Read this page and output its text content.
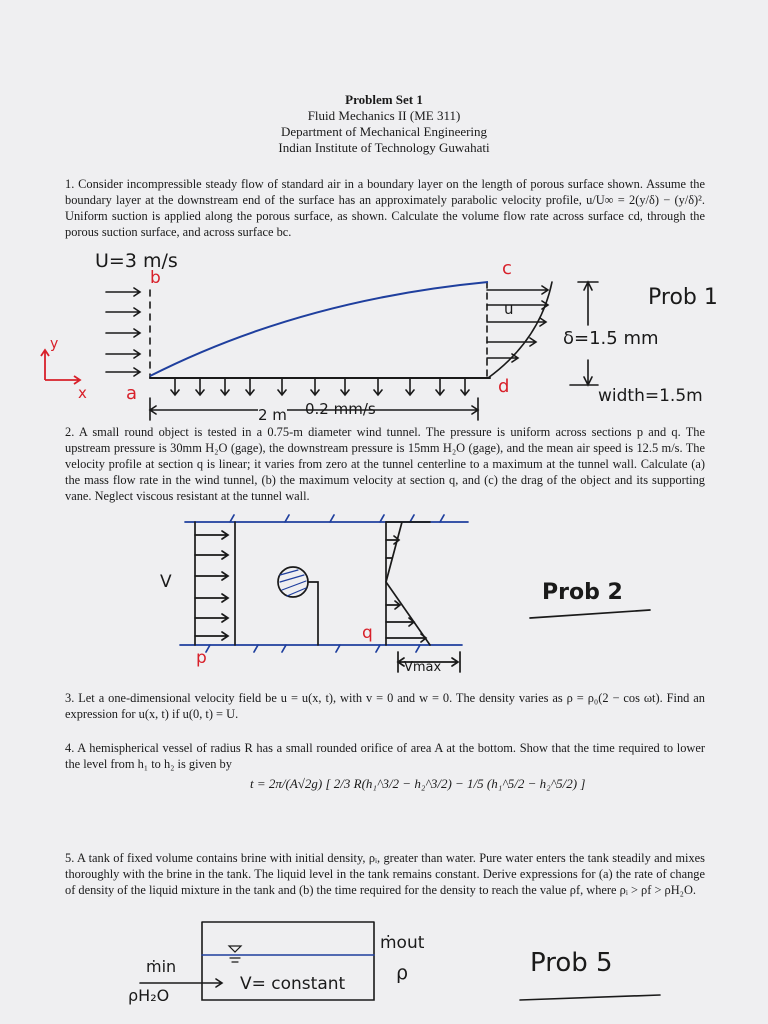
Problem Set 1
Fluid Mechanics II (ME 311)
Department of Mechanical Engineering
Indian Institute of Technology Guwahati
1. Consider incompressible steady flow of standard air in a boundary layer on the length of porous surface shown. Assume the boundary layer at the downstream end of the surface has an approximately parabolic velocity profile, u/U∞ = 2(y/δ) − (y/δ)². Uniform suction is applied along the porous surface, as shown. Calculate the volume flow rate across surface cd, through the porous suction surface, and across surface bc.
2. A small round object is tested in a 0.75-m diameter wind tunnel. The pressure is uniform across sections p and q. The upstream pressure is 30mm H₂O (gage), the downstream pressure is 15mm H₂O (gage), and the mean air speed is 12.5 m/s. The velocity profile at section q is linear; it varies from zero at the tunnel centerline to a maximum at the tunnel wall. Calculate (a) the mass flow rate in the wind tunnel, (b) the maximum velocity at section q, and (c) the drag of the object and its supporting vane. Neglect viscous resistant at the tunnel wall.
3. Let a one-dimensional velocity field be u = u(x, t), with v = 0 and w = 0. The density varies as ρ = ρ₀(2 − cos ωt). Find an expression for u(x, t) if u(0, t) = U.
4. A hemispherical vessel of radius R has a small rounded orifice of area A at the bottom. Show that the time required to lower the level from h₁ to h₂ is given by
t = 2π/(A√2g) [ 2/3 R(h₁^3/2 − h₂^3/2) − 1/5 (h₁^5/2 − h₂^5/2) ]
5. A tank of fixed volume contains brine with initial density, ρᵢ, greater than water. Pure water enters the tank steadily and mixes thoroughly with the brine in the tank. The liquid level in the tank remains constant. Derive expressions for (a) the rate of change of density of the liquid mixture in the tank and (b) the time required for the density to reach the value ρf, where ρᵢ > ρf > ρH₂O.
U=3 m/s
b	c
a	d
y
x
u
δ=1.5 mm
width=1.5m
2 m 0.2 mm/s
Prob 1
V
p
q
Vmax
Prob 2
ṁout
ρ
ṁin
ρH₂O
V= constant
Prob 5
